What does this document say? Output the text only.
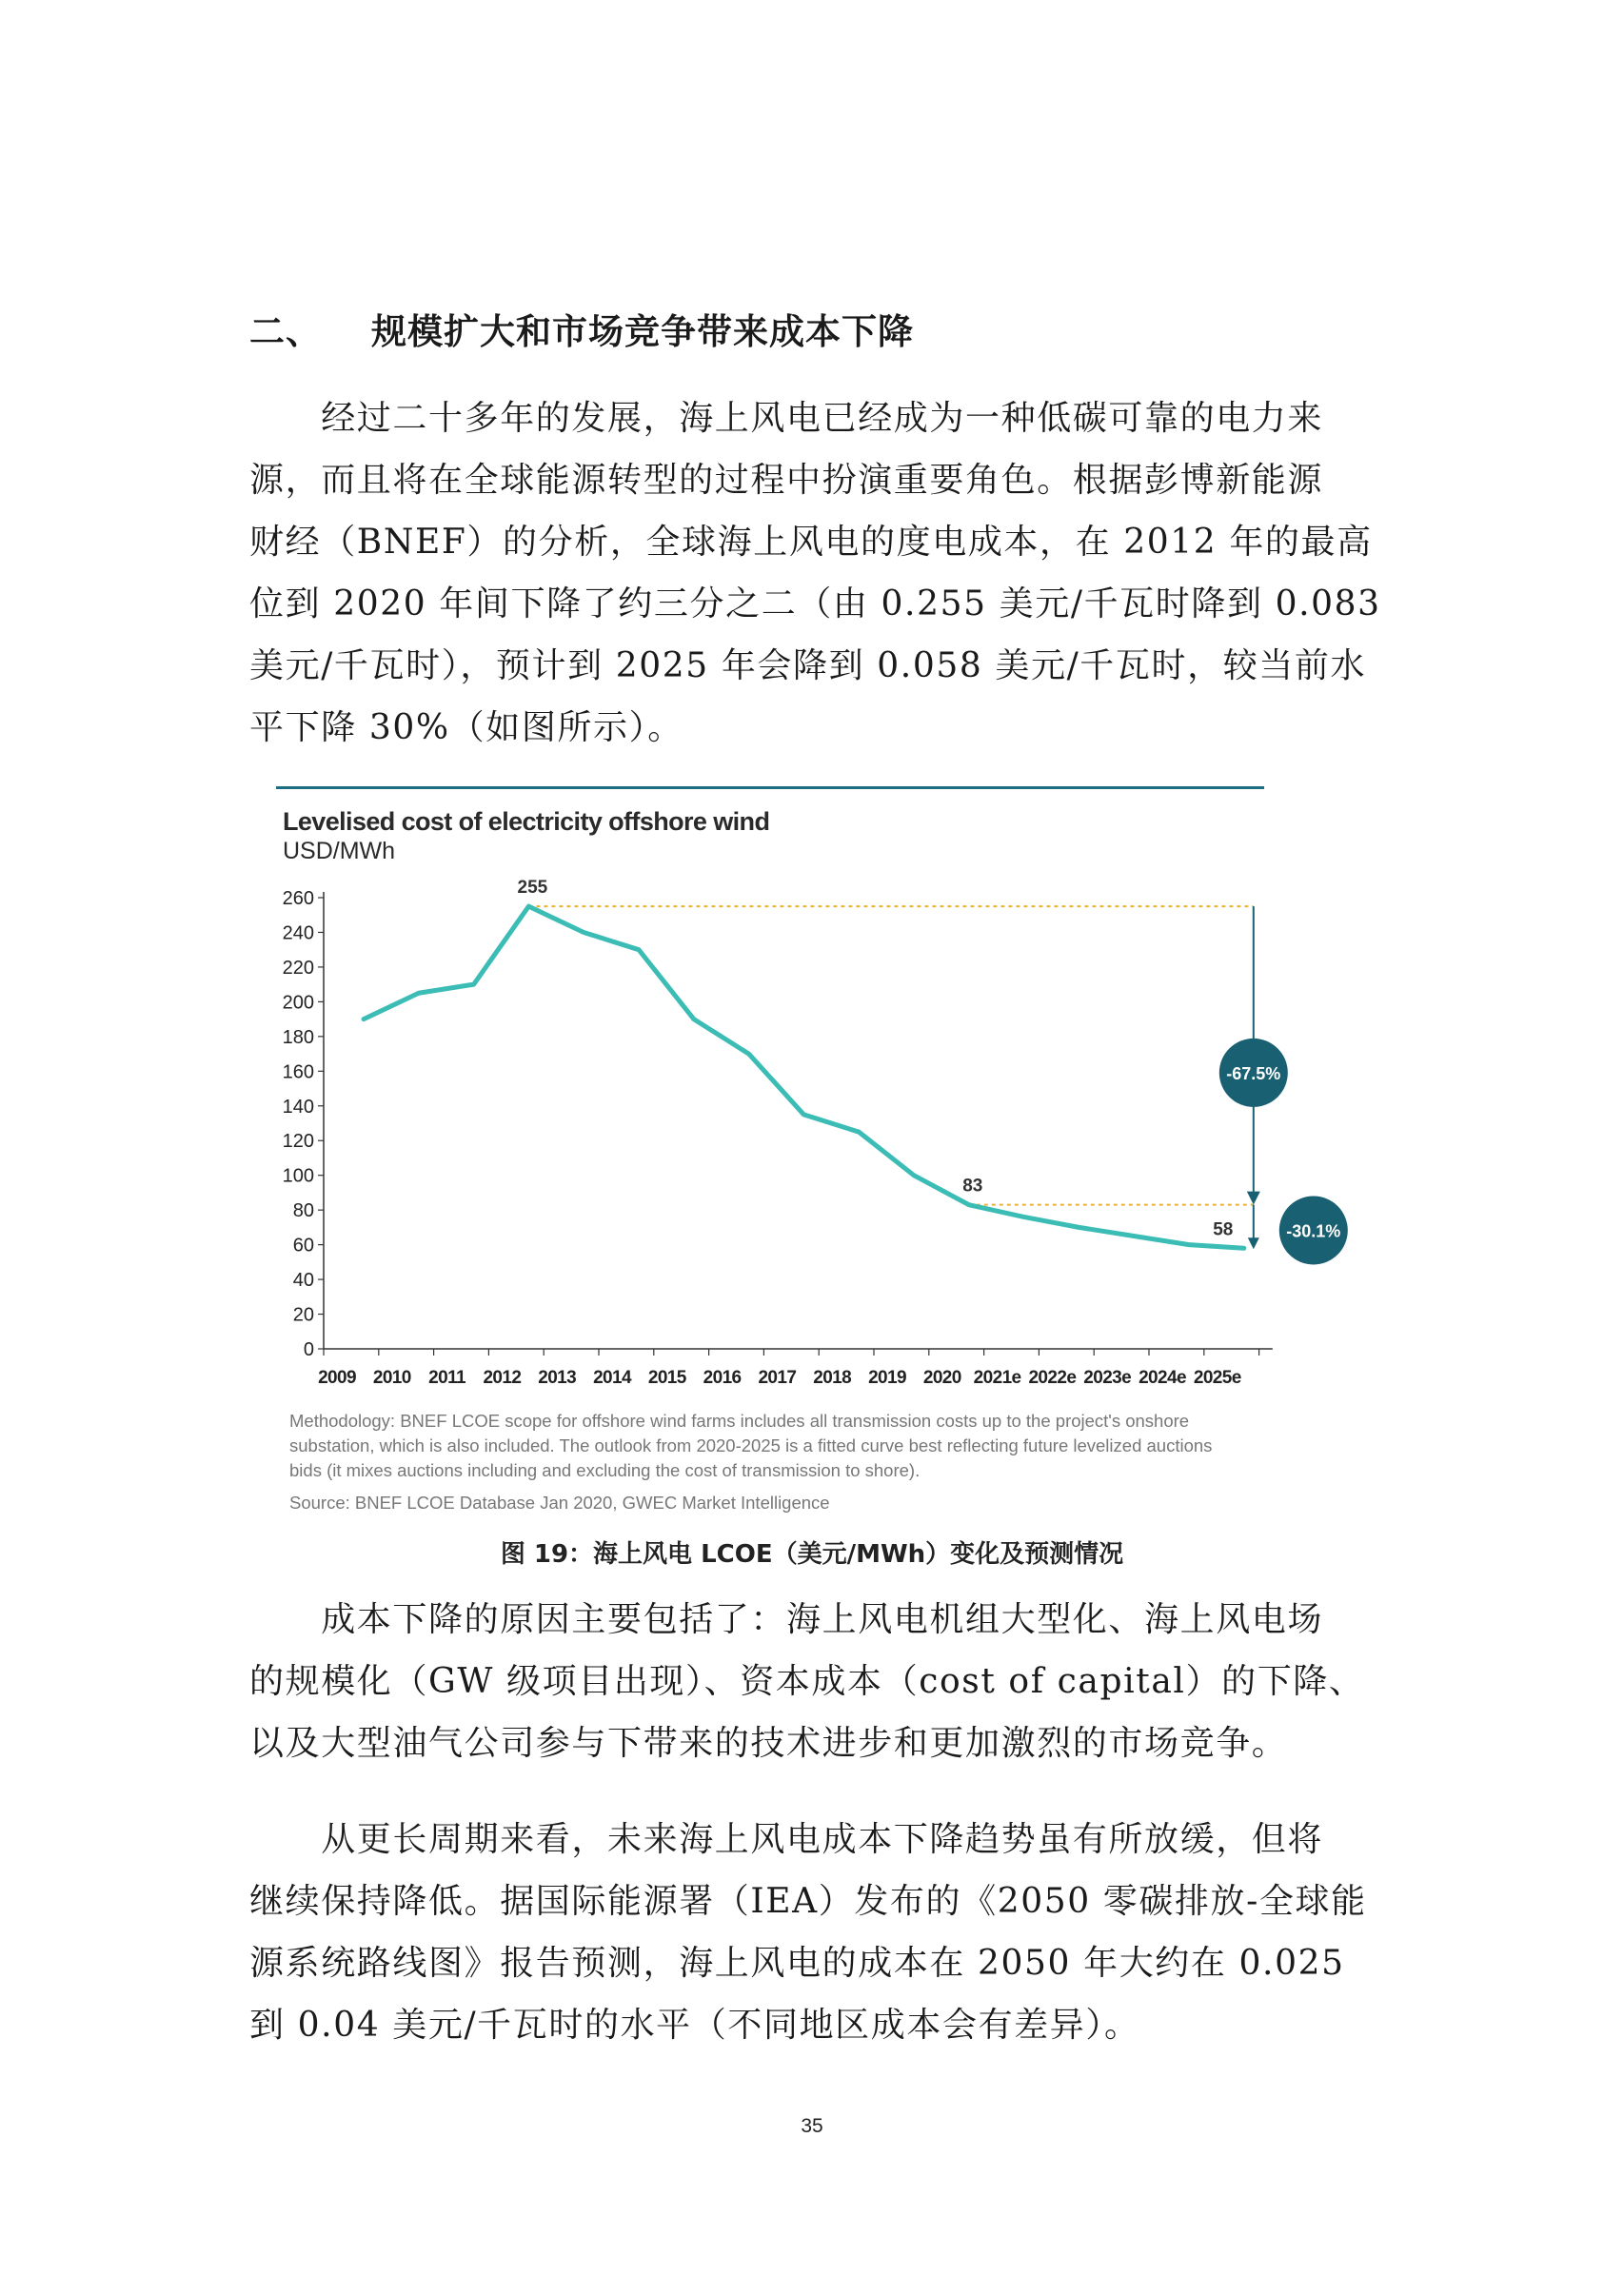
二、 规模扩大和市场竞争带来成本下降
　　经过二十多年的发展，海上风电已经成为一种低碳可靠的电力来
源，而且将在全球能源转型的过程中扮演重要角色。根据彭博新能源
财经（BNEF）的分析，全球海上风电的度电成本，在 2012 年的最高
位到 2020 年间下降了约三分之二（由 0.255 美元/千瓦时降到 0.083
美元/千瓦时），预计到 2025 年会降到 0.058 美元/千瓦时，较当前水
平下降 30%（如图所示）。
Levelised cost of electricity offshore wind
USD/MWh
0
20
40
60
80
100
120
140
160
180
200
220
240
260
2009 2010 2011 2012 2013 2014 2015 2016 2017 2018 2019 2020 2021e 2022e 2023e 2024e 2025e
255
83
58
-67.5%
-30.1%
Methodology: BNEF LCOE scope for offshore wind farms includes all transmission costs up to the project's onshore
substation, which is also included. The outlook from 2020-2025 is a fitted curve best reflecting future levelized auctions
bids (it mixes auctions including and excluding the cost of transmission to shore).
Source: BNEF LCOE Database Jan 2020, GWEC Market Intelligence
图 19：海上风电 LCOE（美元/MWh）变化及预测情况
　　成本下降的原因主要包括了：海上风电机组大型化、海上风电场
的规模化（GW 级项目出现）、资本成本（cost of capital）的下降、
以及大型油气公司参与下带来的技术进步和更加激烈的市场竞争。
　　从更长周期来看，未来海上风电成本下降趋势虽有所放缓，但将
继续保持降低。据国际能源署（IEA）发布的《2050 零碳排放-全球能
源系统路线图》报告预测，海上风电的成本在 2050 年大约在 0.025
到 0.04 美元/千瓦时的水平（不同地区成本会有差异）。
35
